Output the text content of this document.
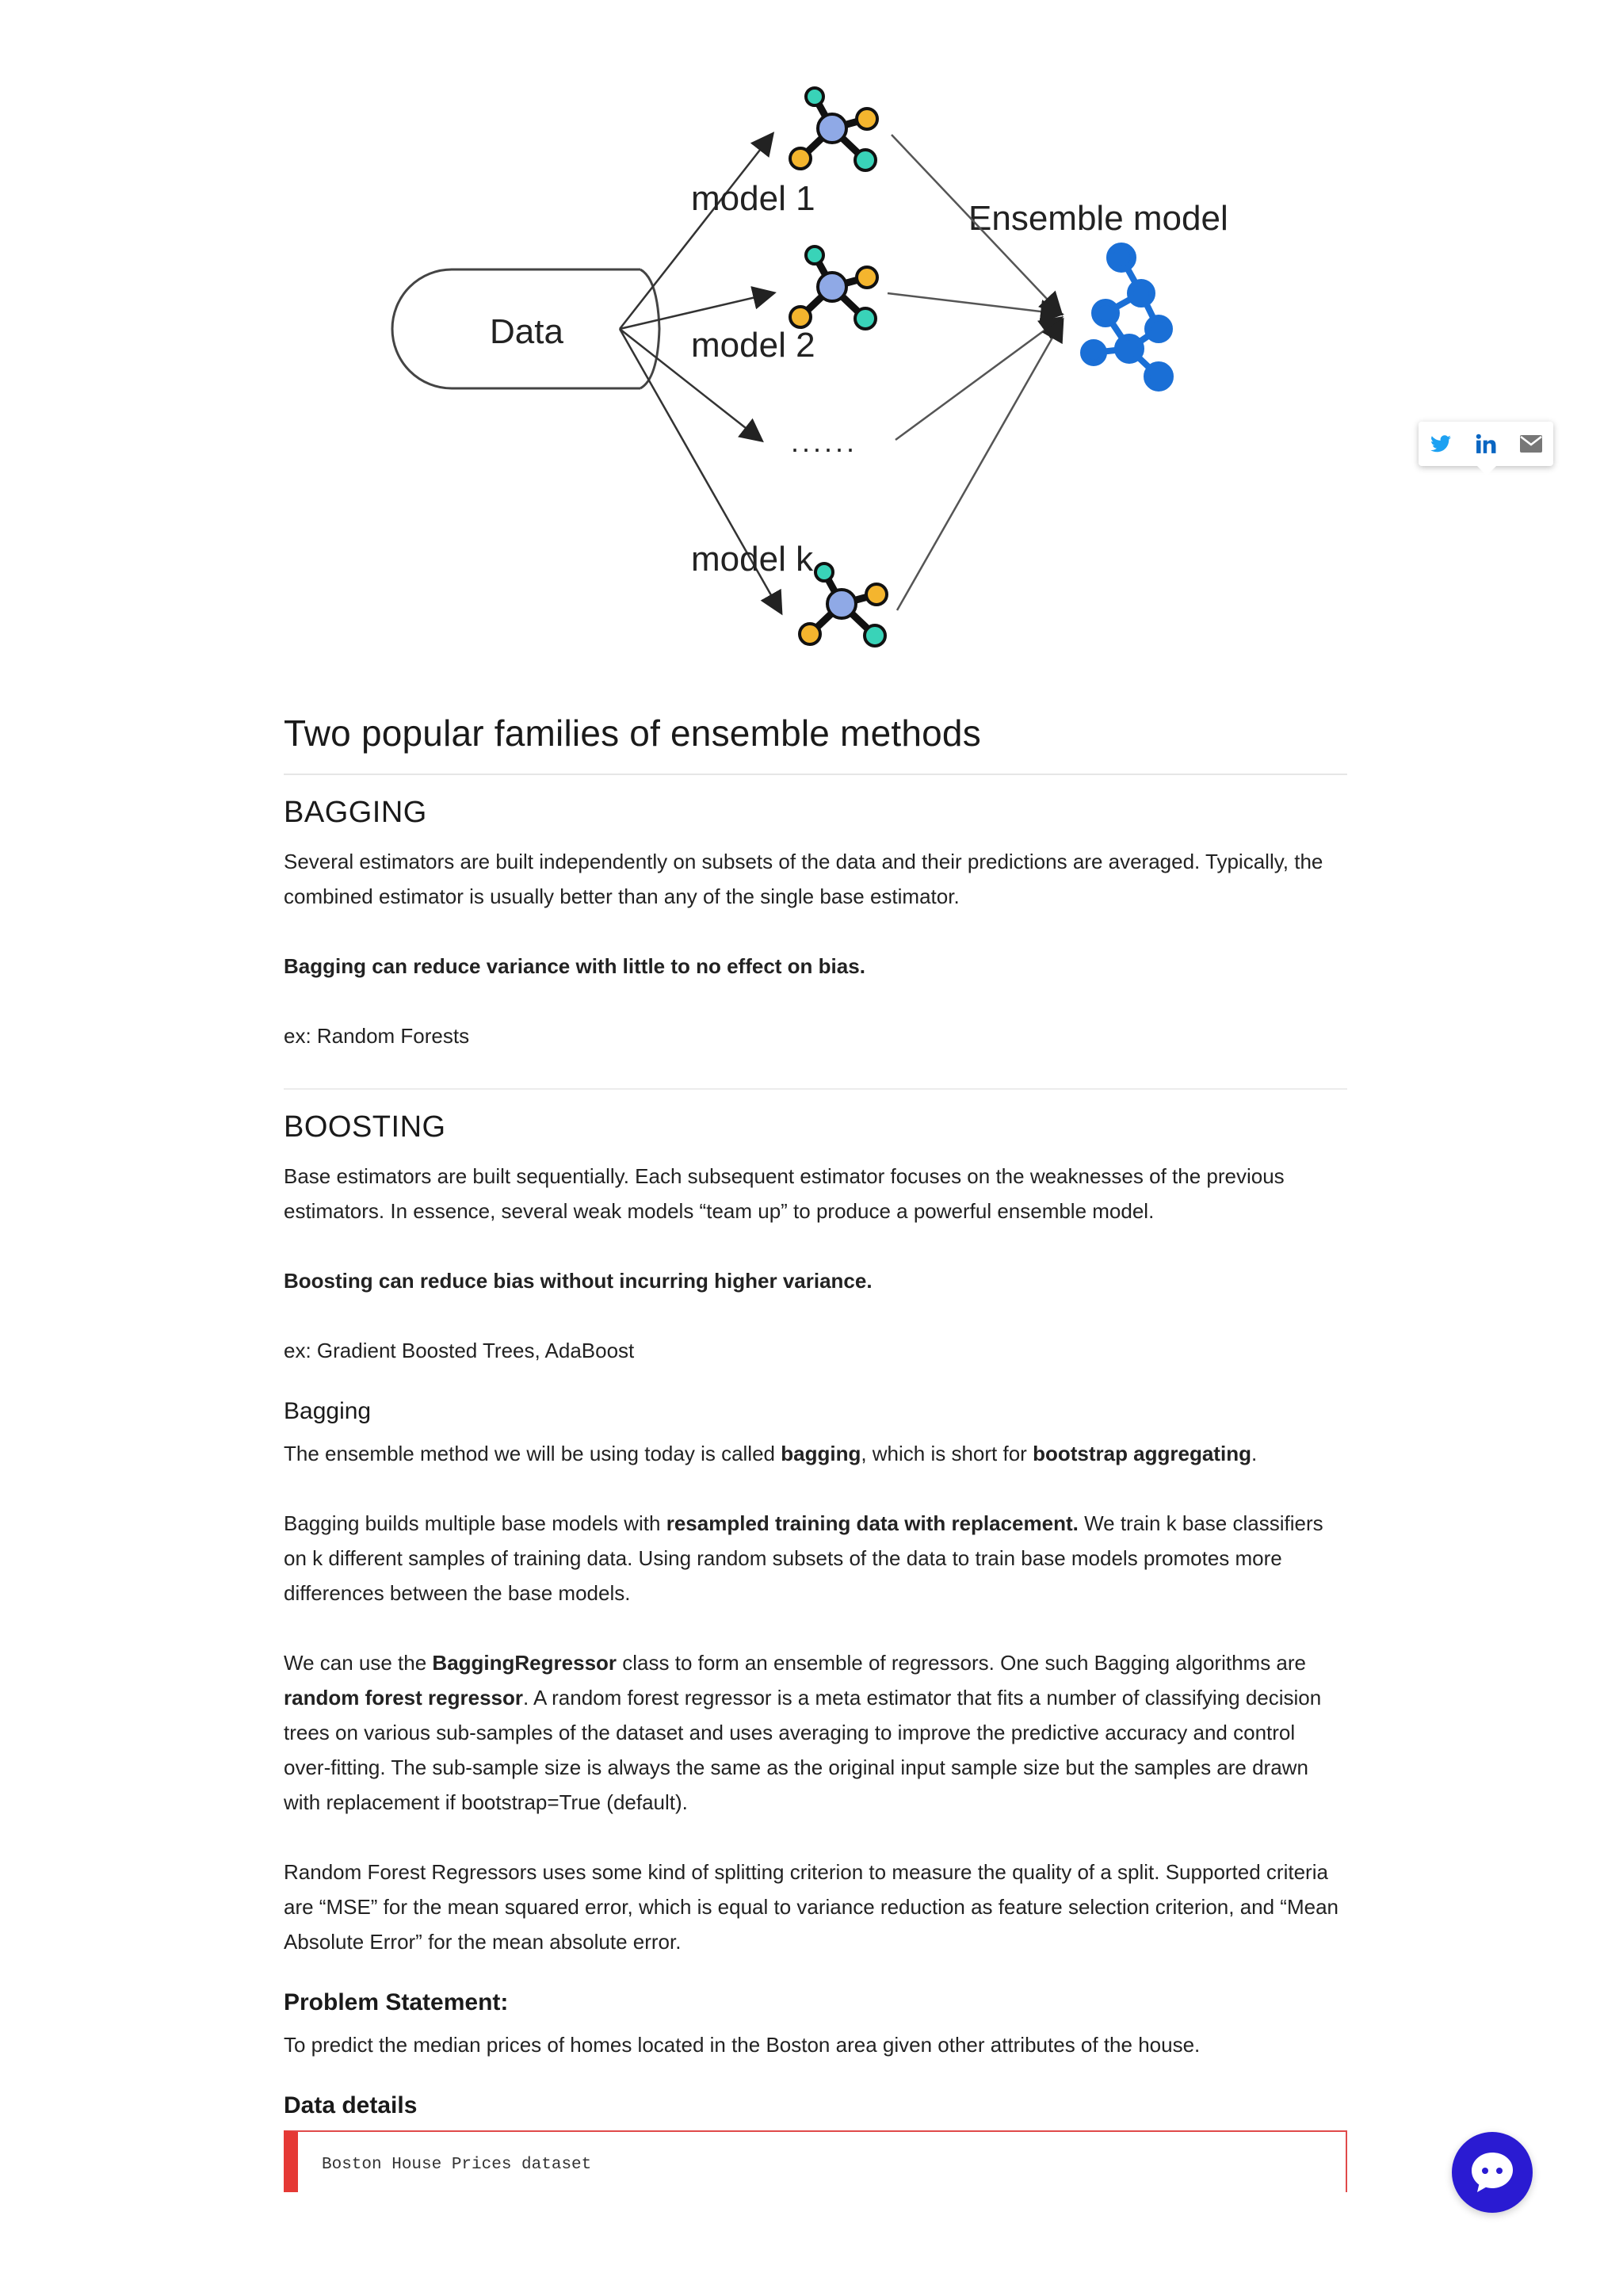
Data
model 1
model 2
......
model k
Ensemble model
Two popular families of ensemble methods
BAGGING

Several estimators are built independently on subsets of the data and their predictions are averaged. Typically, the combined estimator is usually better than any of the single base estimator.

Bagging can reduce variance with little to no effect on bias.

ex: Random Forests

BOOSTING

Base estimators are built sequentially. Each subsequent estimator focuses on the weaknesses of the previous estimators. In essence, several weak models “team up” to produce a powerful ensemble model.

Boosting can reduce bias without incurring higher variance.

ex: Gradient Boosted Trees, AdaBoost

Bagging

The ensemble method we will be using today is called bagging, which is short for bootstrap aggregating.

Bagging builds multiple base models with resampled training data with replacement. We train k base classifiers on k different samples of training data. Using random subsets of the data to train base models promotes more differences between the base models.

We can use the BaggingRegressor class to form an ensemble of regressors. One such Bagging algorithms are random forest regressor. A random forest regressor is a meta estimator that fits a number of classifying decision trees on various sub-samples of the dataset and uses averaging to improve the predictive accuracy and control over-fitting. The sub-sample size is always the same as the original input sample size but the samples are drawn with replacement if bootstrap=True (default).

Random Forest Regressors uses some kind of splitting criterion to measure the quality of a split. Supported criteria are “MSE” for the mean squared error, which is equal to variance reduction as feature selection criterion, and “Mean Absolute Error” for the mean absolute error.

Problem Statement:

To predict the median prices of homes located in the Boston area given other attributes of the house.

Data details
Boston House Prices dataset
